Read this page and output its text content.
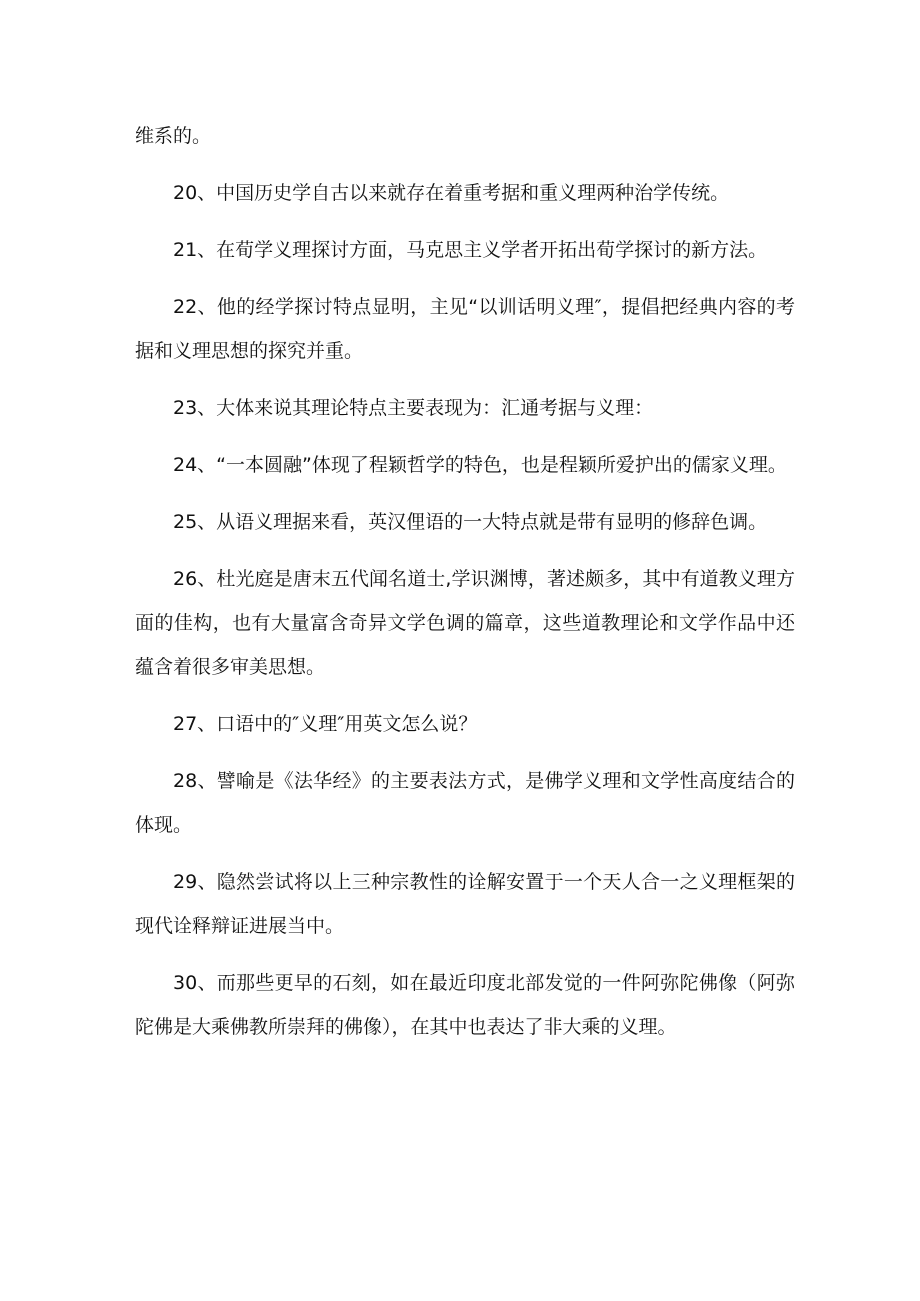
维系的。

20、中国历史学自古以来就存在着重考据和重义理两种治学传统。

21、在荀学义理探讨方面，马克思主义学者开拓出荀学探讨的新方法。

22、他的经学探讨特点显明，主见“以训话明义理″，提倡把经典内容的考据和义理思想的探究并重。

23、大体来说其理论特点主要表现为：汇通考据与义理：

24、“一本圆融”体现了程颖哲学的特色，也是程颖所爱护出的儒家义理。

25、从语义理据来看，英汉俚语的一大特点就是带有显明的修辞色调。

26、杜光庭是唐末五代闻名道士,学识渊博，著述颇多，其中有道教义理方面的佳构，也有大量富含奇异文学色调的篇章，这些道教理论和文学作品中还蕴含着很多审美思想。

27、口语中的″义理″用英文怎么说？

28、譬喻是《法华经》的主要表法方式，是佛学义理和文学性高度结合的体现。

29、隐然尝试将以上三种宗教性的诠解安置于一个天人合一之义理框架的现代诠释辩证进展当中。

30、而那些更早的石刻，如在最近印度北部发觉的一件阿弥陀佛像（阿弥陀佛是大乘佛教所崇拜的佛像），在其中也表达了非大乘的义理。
